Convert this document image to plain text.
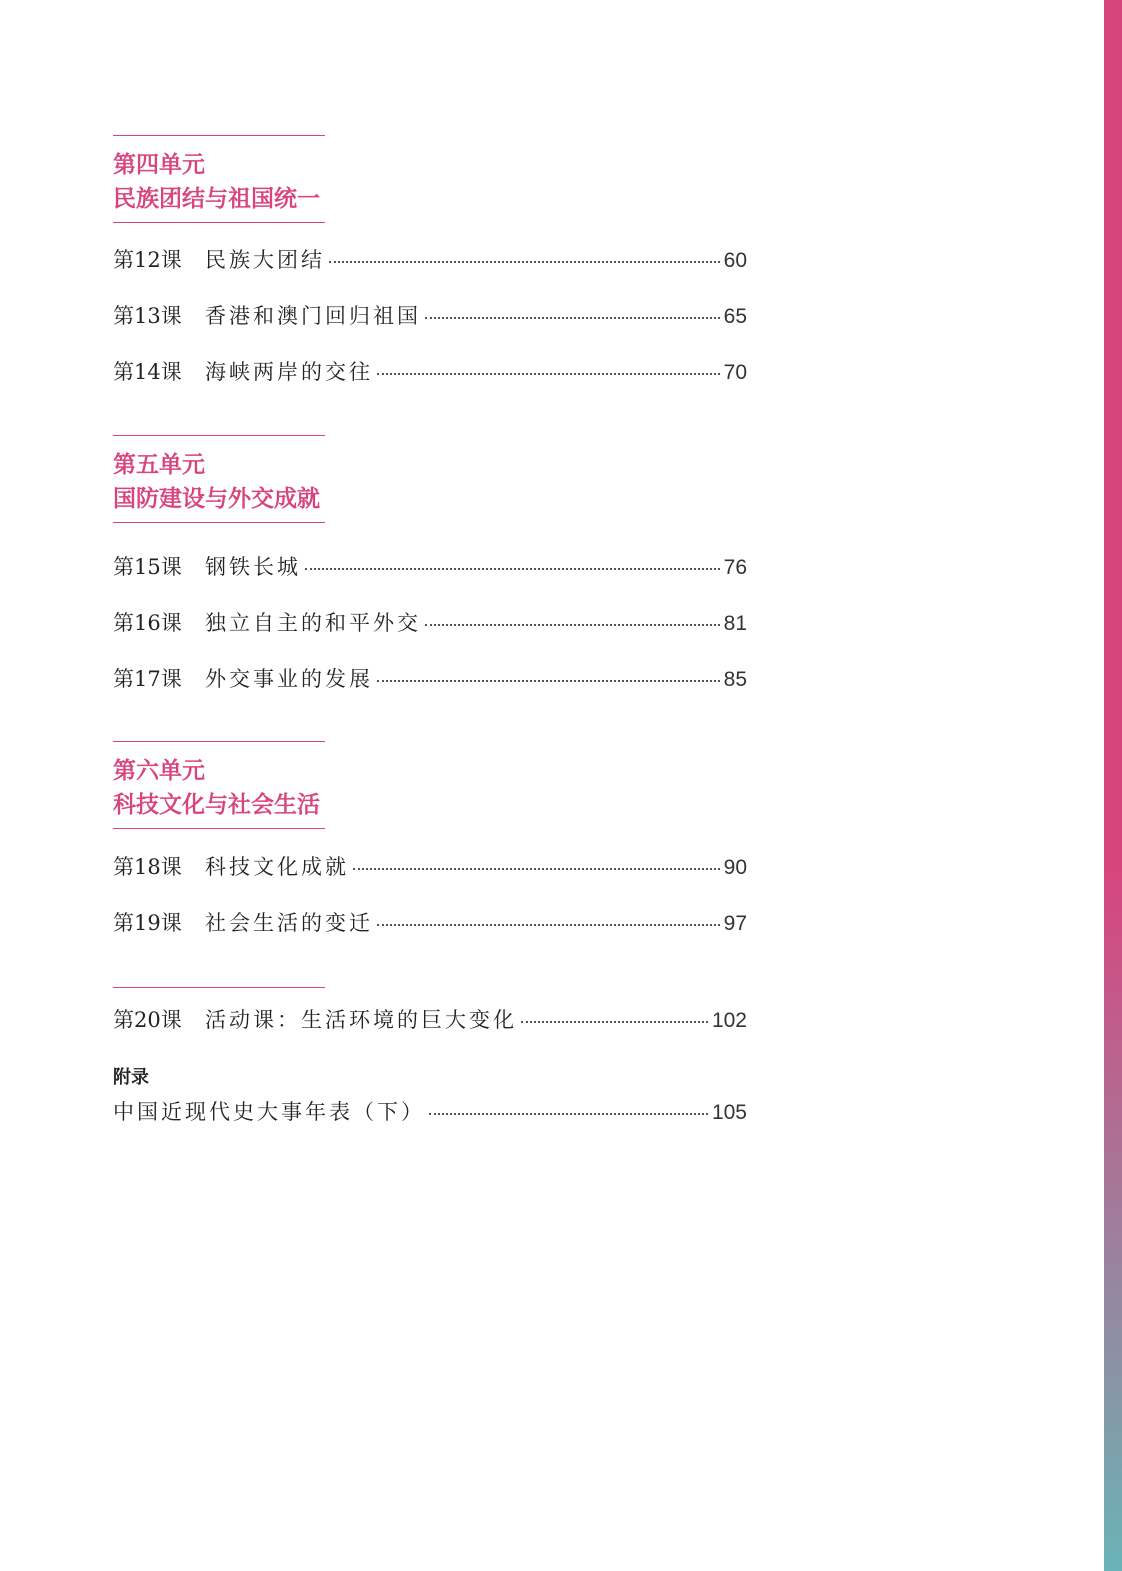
第四单元
民族团结与祖国统一
第12课	民族大团结	60
第13课	香港和澳门回归祖国	65
第14课	海峡两岸的交往	70
第五单元
国防建设与外交成就
第15课	钢铁长城	76
第16课	独立自主的和平外交	81
第17课	外交事业的发展	85
第六单元
科技文化与社会生活
第18课	科技文化成就	90
第19课	社会生活的变迁	97
第20课	活动课：生活环境的巨大变化	102
附录
中国近现代史大事年表（下）	105
